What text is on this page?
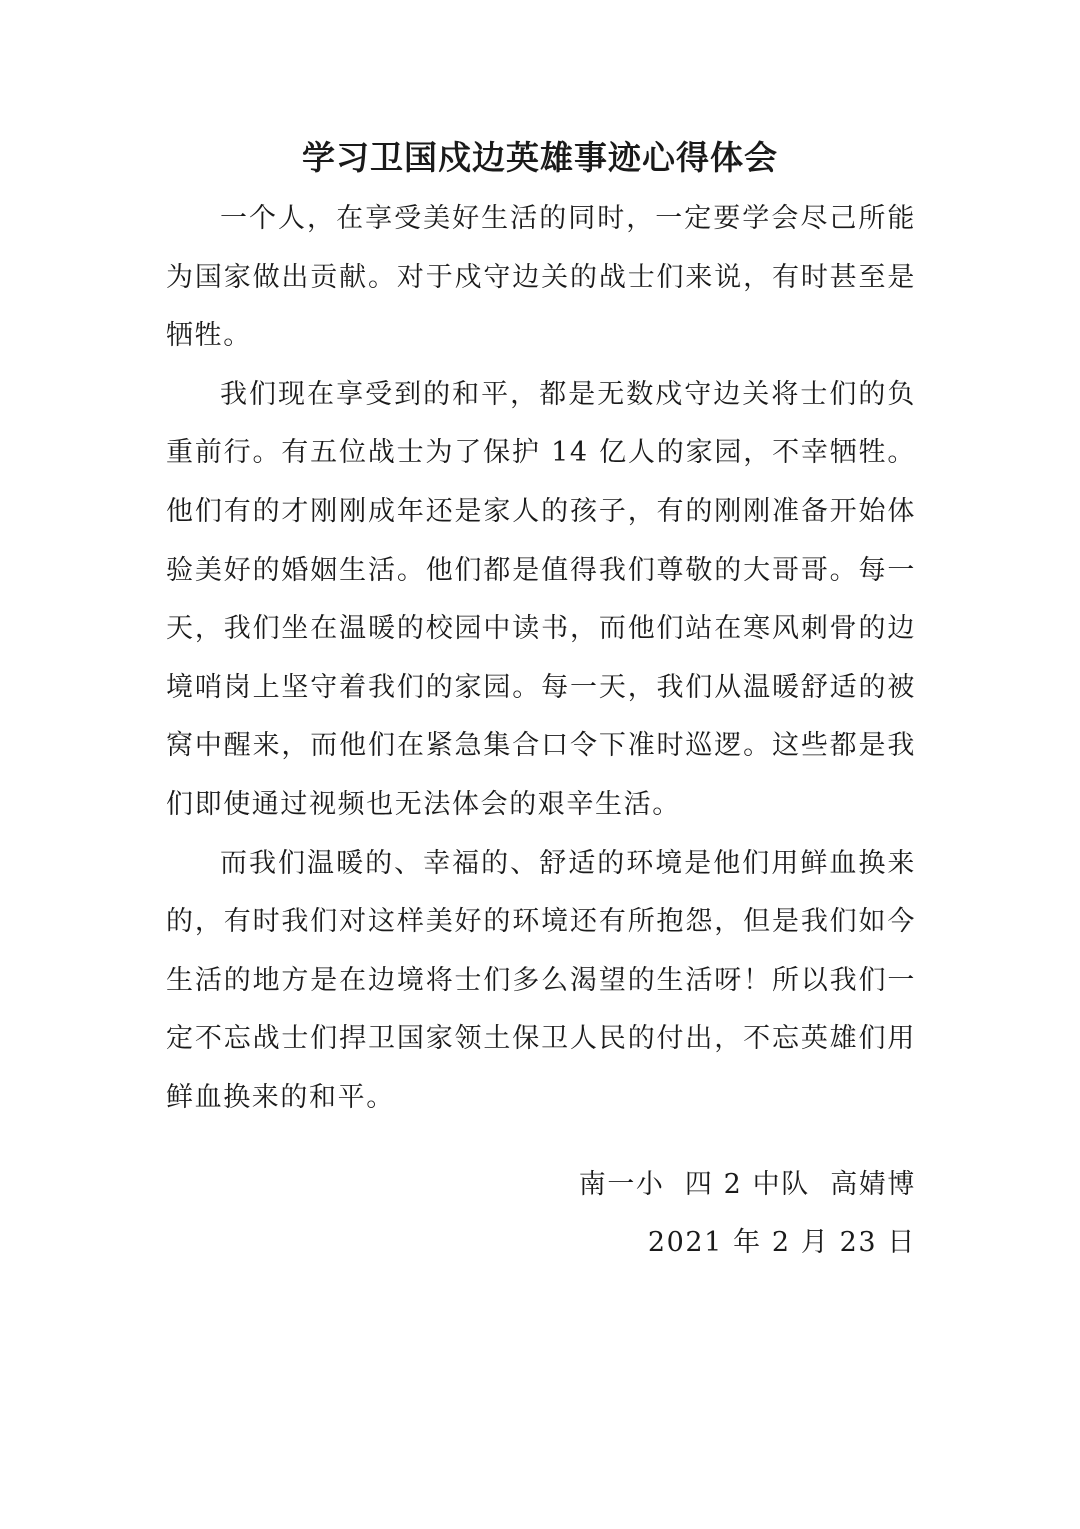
学习卫国戍边英雄事迹心得体会

一个人，在享受美好生活的同时，一定要学会尽己所能为国家做出贡献。对于戍守边关的战士们来说，有时甚至是牺牲。

我们现在享受到的和平，都是无数戍守边关将士们的负重前行。有五位战士为了保护 14 亿人的家园，不幸牺牲。他们有的才刚刚成年还是家人的孩子，有的刚刚准备开始体验美好的婚姻生活。他们都是值得我们尊敬的大哥哥。每一天，我们坐在温暖的校园中读书，而他们站在寒风刺骨的边境哨岗上坚守着我们的家园。每一天，我们从温暖舒适的被窝中醒来，而他们在紧急集合口令下准时巡逻。这些都是我们即使通过视频也无法体会的艰辛生活。

而我们温暖的、幸福的、舒适的环境是他们用鲜血换来的，有时我们对这样美好的环境还有所抱怨，但是我们如今生活的地方是在边境将士们多么渴望的生活呀！所以我们一定不忘战士们捍卫国家领土保卫人民的付出，不忘英雄们用鲜血换来的和平。

南一小  四 2 中队  高婧博
2021 年 2 月 23 日
